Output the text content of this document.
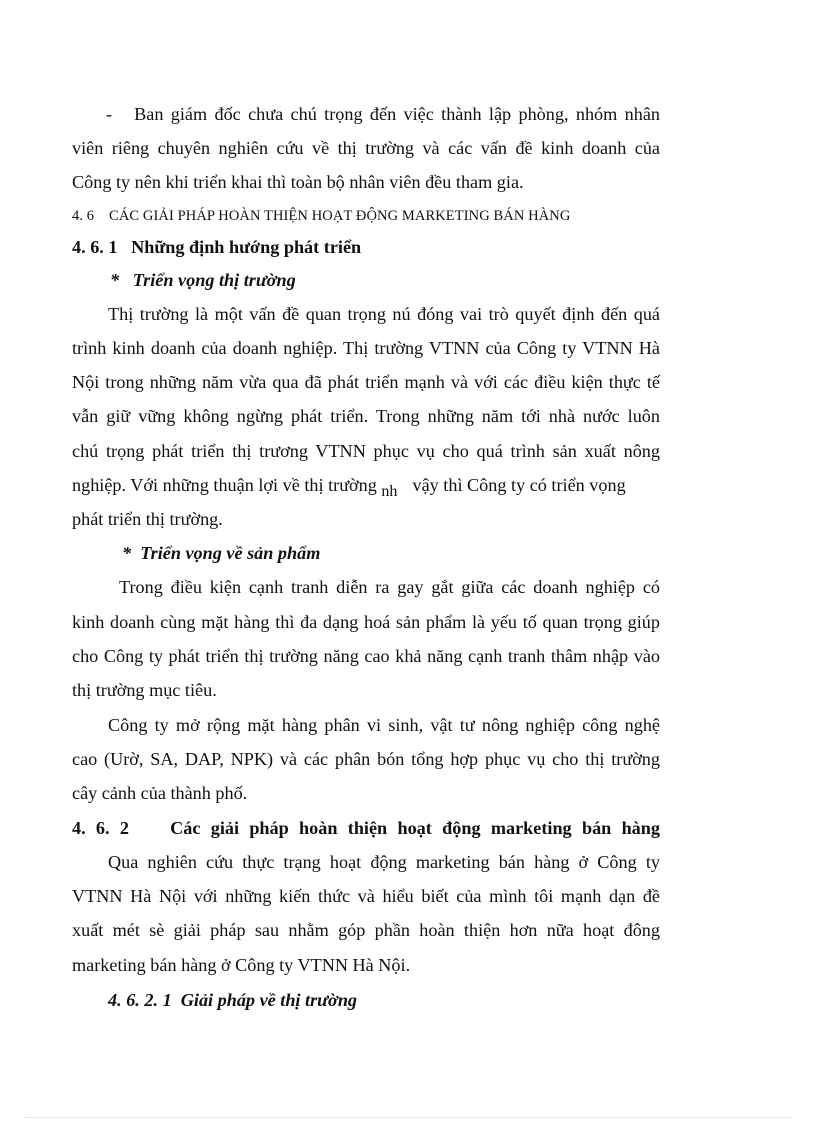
-   Ban giám đốc chưa chú trọng đến việc thành lập phòng, nhóm nhân
viên riêng chuyên nghiên cứu về thị trường và các vấn đề kinh doanh của
Công ty nên khi triển khai thì toàn bộ nhân viên đều tham gia.
4. 6    CÁC GIẢI PHÁP HOÀN THIỆN HOẠT ĐỘNG MARKETING BÁN HÀNG
4. 6. 1   Những định hướng phát triển
*   Triển vọng thị trường
Thị trường là một vấn đề quan trọng nú đóng vai trò quyết định đến quá
trình kinh doanh của doanh nghiệp. Thị trường VTNN của Công ty VTNN Hà
Nội trong những năm vừa qua đã phát triển mạnh và với các điều kiện thực tế
vẫn giữ vững không ngừng phát triển. Trong những năm tới nhà nước luôn
chú trọng phát triển thị trương VTNN phục vụ cho quá trình sản xuất nông
nghiệp. Với những thuận lợi về thị trường nh vậy thì Công ty có triển vọng
phát triển thị trường.
*  Triển vọng về sản phẩm
Trong điều kiện cạnh tranh diễn ra gay gắt giữa các doanh nghiệp có
kinh doanh cùng mặt hàng thì đa dạng hoá sản phẩm là yếu tố quan trọng giúp
cho Công ty phát triển thị trường năng cao khả năng cạnh tranh thâm nhập vào
thị trường mục tiêu.
Công ty mở rộng mặt hàng phân vi sinh, vật tư nông nghiệp công nghệ
cao (Urờ, SA, DAP, NPK) và các phân bón tổng hợp phục vụ cho thị trường
cây cảnh của thành phố.
4. 6. 2    Các giải pháp hoàn thiện hoạt động marketing bán hàng
Qua nghiên cứu thực trạng hoạt động marketing bán hàng ở Công ty
VTNN Hà Nội với những kiến thức và hiểu biết của mình tôi mạnh dạn đề
xuất mét sè giải pháp sau nhằm góp phần hoàn thiện hơn nữa hoạt đông
marketing bán hàng ở Công ty VTNN Hà Nội.
4. 6. 2. 1  Giải pháp về thị trường
